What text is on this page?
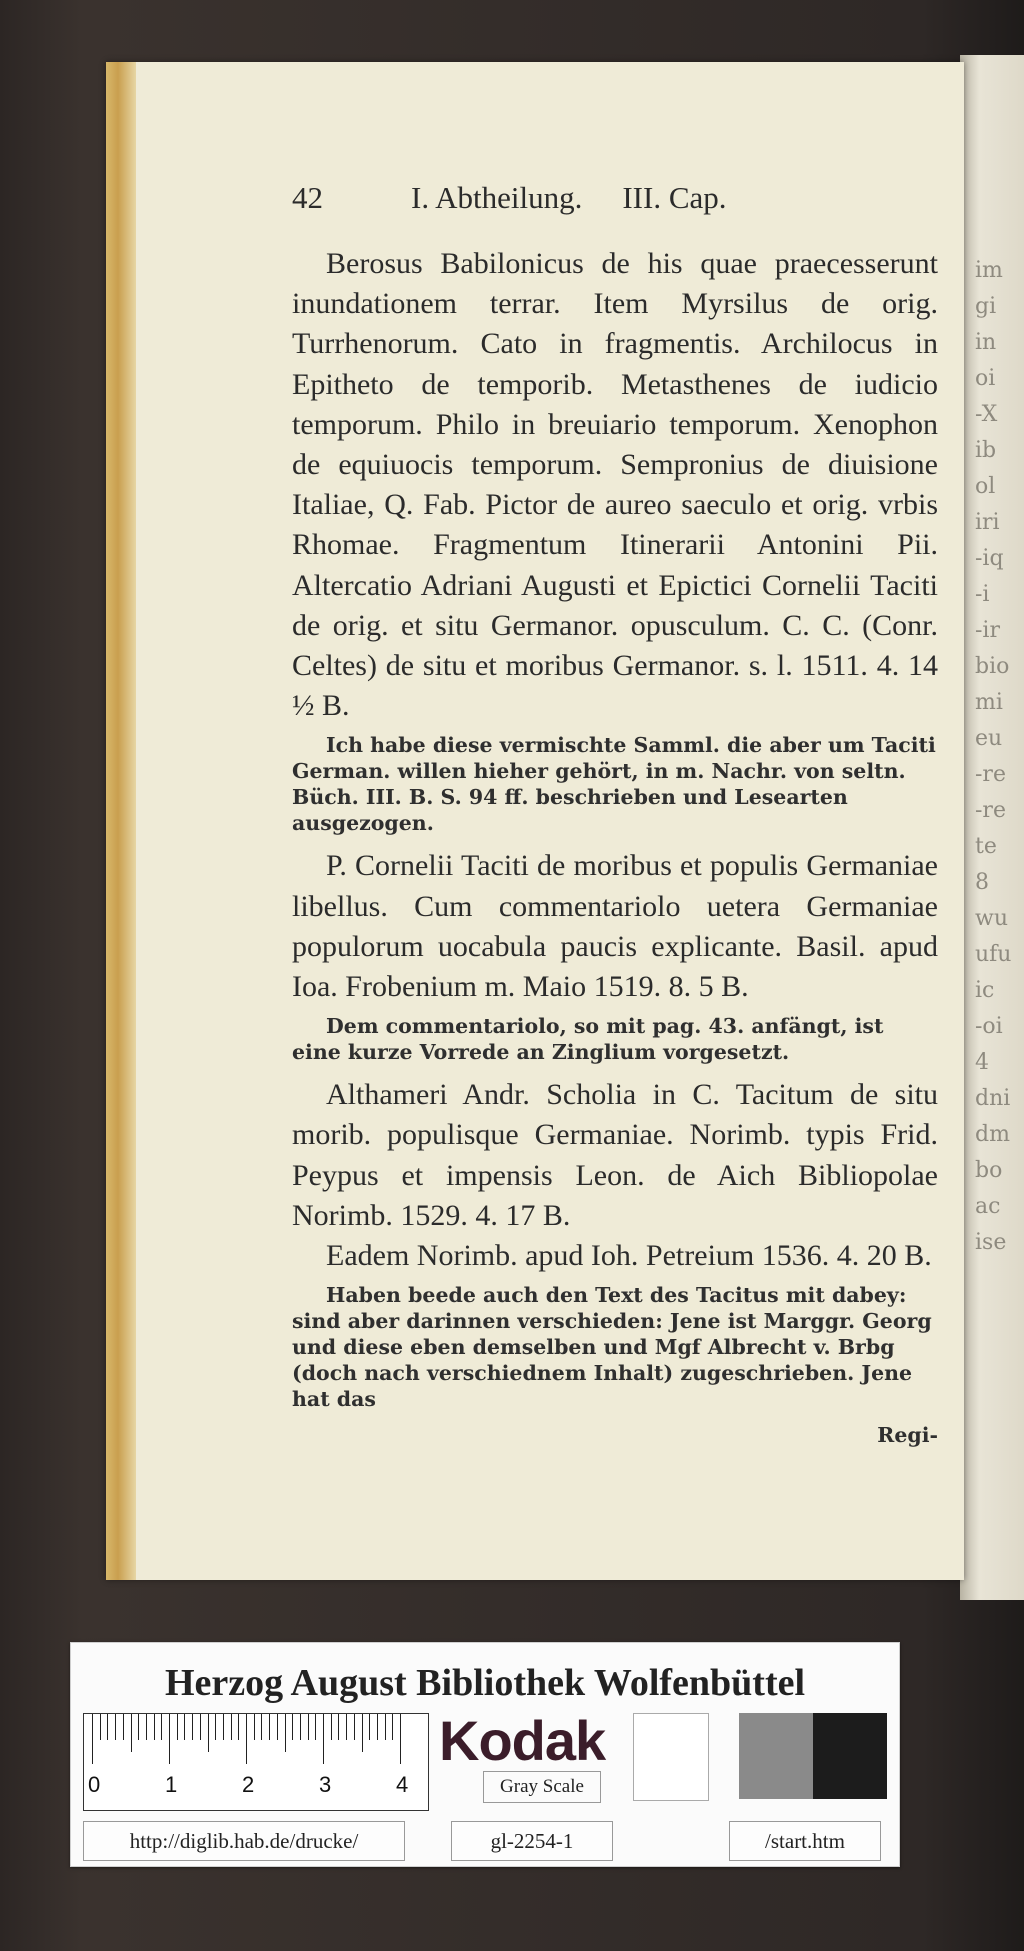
im
gi
in
oi
-X
ib
ol
iri
-iq
-i
-ir
bio
mi
eu
-re
-re
te
8
wu
ufu
ic
-oi
4
dni
dm
bo
ac
ise
42	I. Abtheilung. III. Cap.

Berosus Babilonicus de his quae praecesserunt inundationem terrar. Item Myrsilus de orig. Turrhenorum. Cato in fragmentis. Archilocus in Epitheto de temporib. Metasthenes de iudicio temporum. Philo in breuiario temporum. Xenophon de equiuocis temporum. Sempronius de diuisione Italiae, Q. Fab. Pictor de aureo saeculo et orig. vrbis Rhomae. Fragmentum Itinerarii Antonini Pii. Altercatio Adriani Augusti et Epictici Cornelii Taciti de orig. et situ Germanor. opusculum. C. C. (Conr. Celtes) de situ et moribus Germanor. s. l. 1511. 4. 14 ½ B.

Ich habe diese vermischte Samml. die aber um Taciti German. willen hieher gehört, in m. Nachr. von seltn. Büch. III. B. S. 94 ff. beschrieben und Lesearten ausgezogen.

P. Cornelii Taciti de moribus et populis Germaniae libellus. Cum commentariolo uetera Germaniae populorum uocabula paucis explicante. Basil. apud Ioa. Frobenium m. Maio 1519. 8. 5 B.

Dem commentariolo, so mit pag. 43. anfängt, ist eine kurze Vorrede an Zinglium vorgesetzt.

Althameri Andr. Scholia in C. Tacitum de situ morib. populisque Germaniae. Norimb. typis Frid. Peypus et impensis Leon. de Aich Bibliopolae Norimb. 1529. 4. 17 B.

Eadem Norimb. apud Ioh. Petreium 1536. 4. 20 B.

Haben beede auch den Text des Tacitus mit dabey: sind aber darinnen verschieden: Jene ist Marggr. Georg und diese eben demselben und Mgf Albrecht v. Brbg (doch nach verschiednem Inhalt) zugeschrieben. Jene hat das

Regi-
Herzog August Bibliothek Wolfenbüttel
0	1	2	3	4
Kodak
Gray Scale
http://diglib.hab.de/drucke/	gl-2254-1	/start.htm
